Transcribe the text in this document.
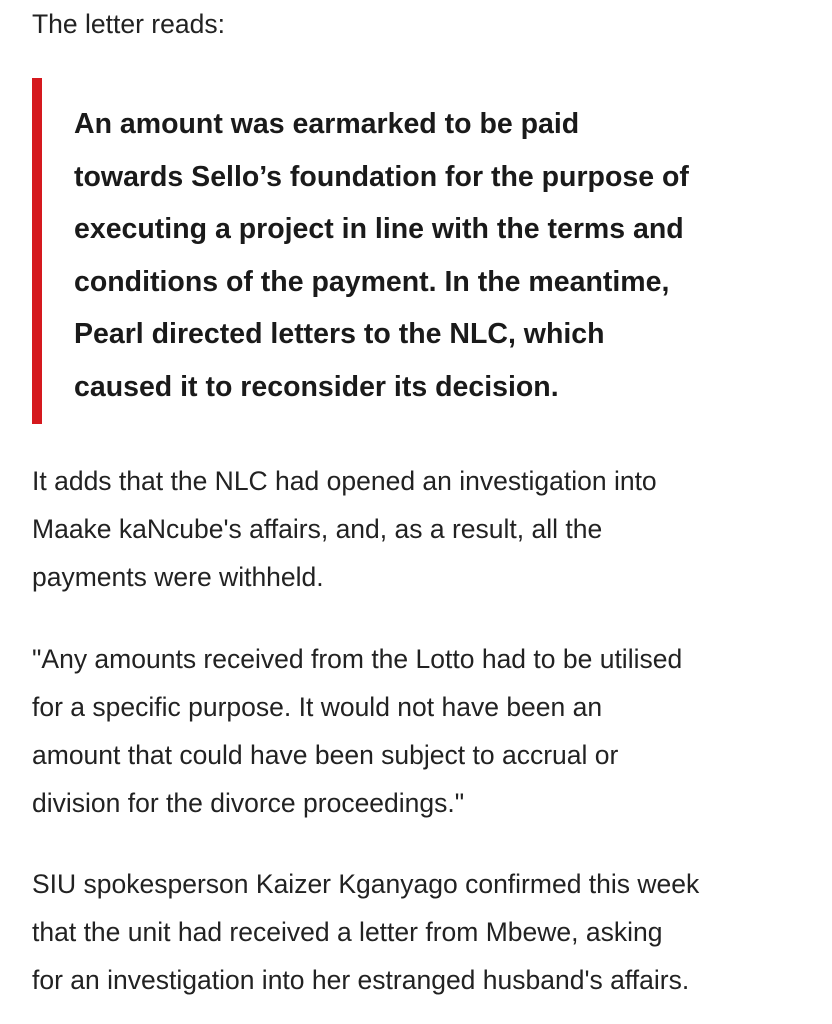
The letter reads:

An amount was earmarked to be paid
towards Sello’s foundation for the purpose of
executing a project in line with the terms and
conditions of the payment. In the meantime,
Pearl directed letters to the NLC, which
caused it to reconsider its decision.

It adds that the NLC had opened an investigation into
Maake kaNcube's affairs, and, as a result, all the
payments were withheld.

"Any amounts received from the Lotto had to be utilised
for a specific purpose. It would not have been an
amount that could have been subject to accrual or
division for the divorce proceedings."

SIU spokesperson Kaizer Kganyago confirmed this week
that the unit had received a letter from Mbewe, asking
for an investigation into her estranged husband's affairs.
